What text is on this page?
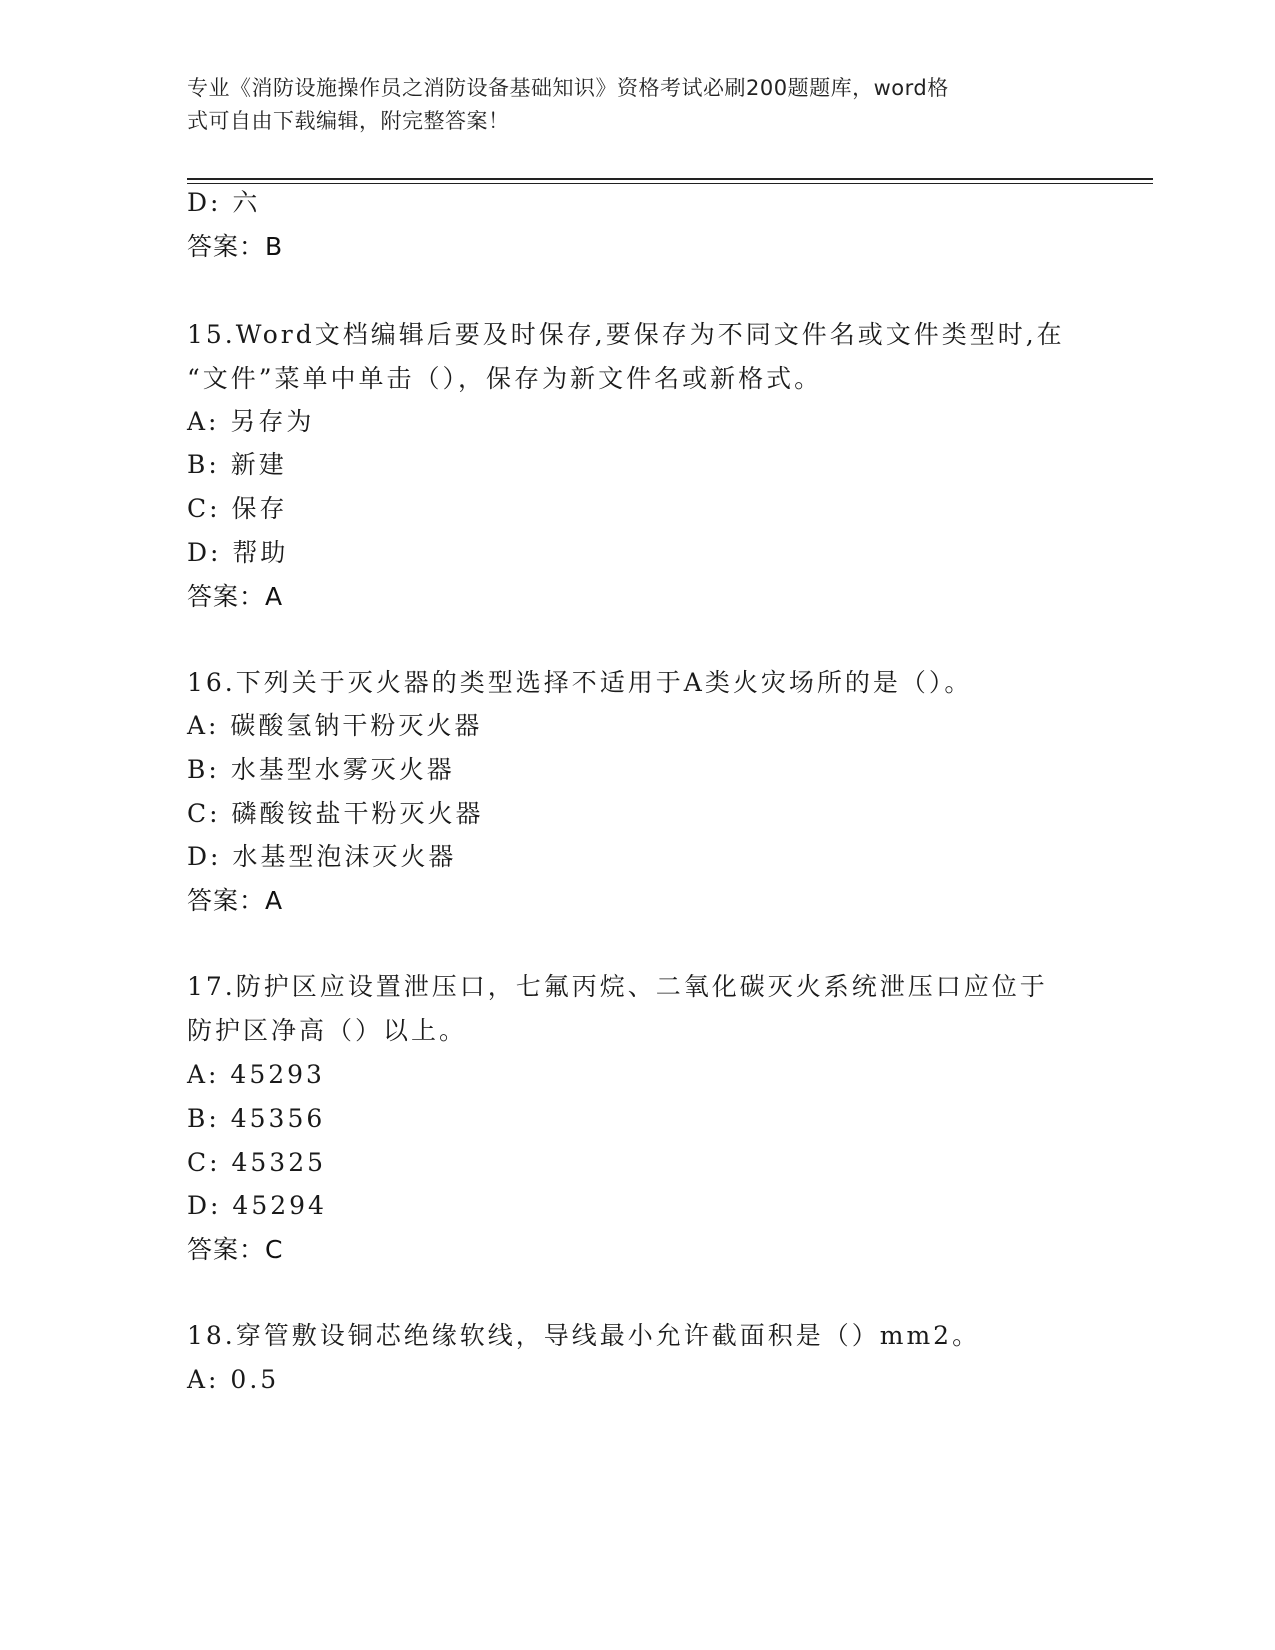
专业《消防设施操作员之消防设备基础知识》资格考试必刷200题题库，word格
式可自由下载编辑，附完整答案！
D: 六
答案：B
15.Word文档编辑后要及时保存,要保存为不同文件名或文件类型时,在
“文件”菜单中单击（），保存为新文件名或新格式。
A: 另存为
B: 新建
C: 保存
D: 帮助
答案：A
16.下列关于灭火器的类型选择不适用于A类火灾场所的是（）。
A: 碳酸氢钠干粉灭火器
B: 水基型水雾灭火器
C: 磷酸铵盐干粉灭火器
D: 水基型泡沫灭火器
答案：A
17.防护区应设置泄压口，七氟丙烷、二氧化碳灭火系统泄压口应位于
防护区净高（）以上。
A: 45293
B: 45356
C: 45325
D: 45294
答案：C
18.穿管敷设铜芯绝缘软线，导线最小允许截面积是（）mm2。
A: 0.5
